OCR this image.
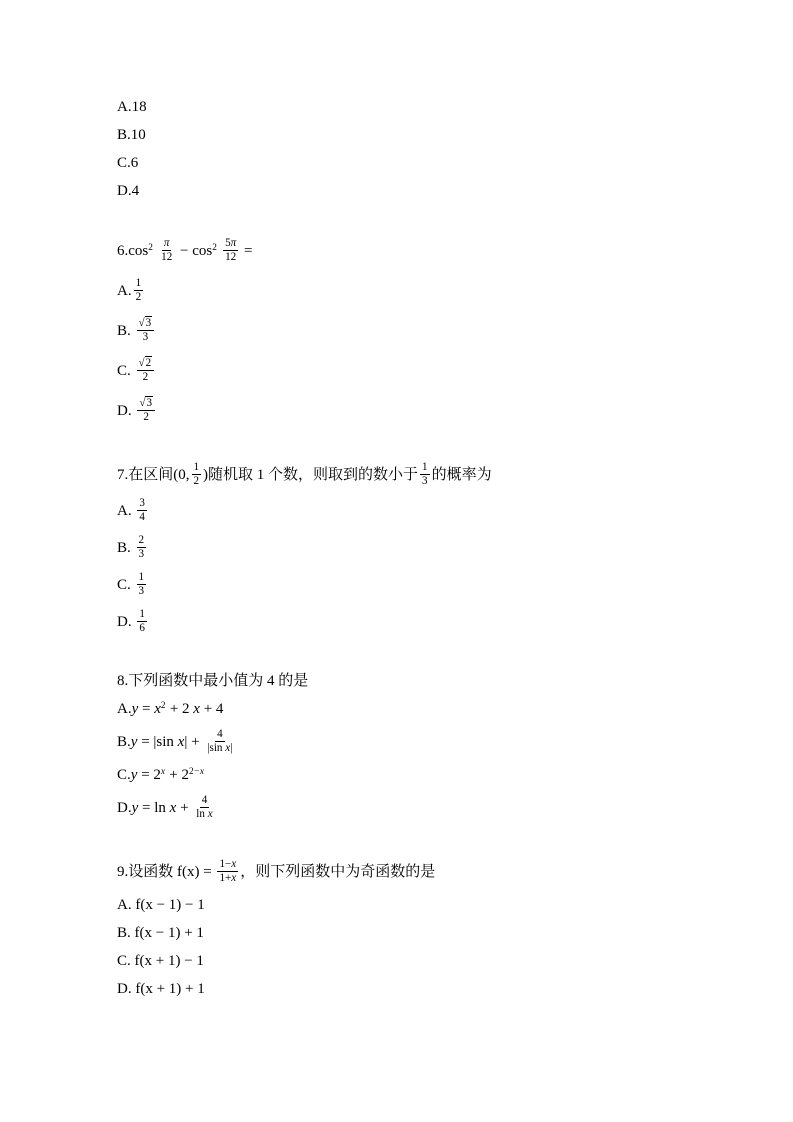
A.18
B.10
C.6
D.4
$6.\cos^2 \frac{\pi}{12} - \cos^2 \frac{5\pi}{12}$ =
A. $\frac{1}{2}$
B. $\frac{√3}{3}$
C. $\frac{√2}{2}$
D. $\frac{√3}{2}$
7.在区间(0, $\frac{1}{2}$ )随机取 1 个数，则取到的数小于 $\frac{1}{3}$ 的概率为
A. $\frac{3}{4}$
B. $\frac{2}{3}$
C. $\frac{1}{3}$
D. $\frac{1}{6}$
8.下列函数中最小值为 4 的是
$A.y = x^2 + 2$ x + 4
B.y = |sin $x| + \frac{4}{\text{|sin x|}}$
$C.y = 2^x + 2^{2-x}$
$D.y = \ln x + \frac{4}{\text{ln x}}$
9.设函数 $f(x) = \frac{1-x}{1+x}$ ，则下列函数中为奇函数的是
A. f(x − 1) − 1
B. f(x − 1) + 1
C. f(x + 1) − 1
D. f(x + 1) + 1
